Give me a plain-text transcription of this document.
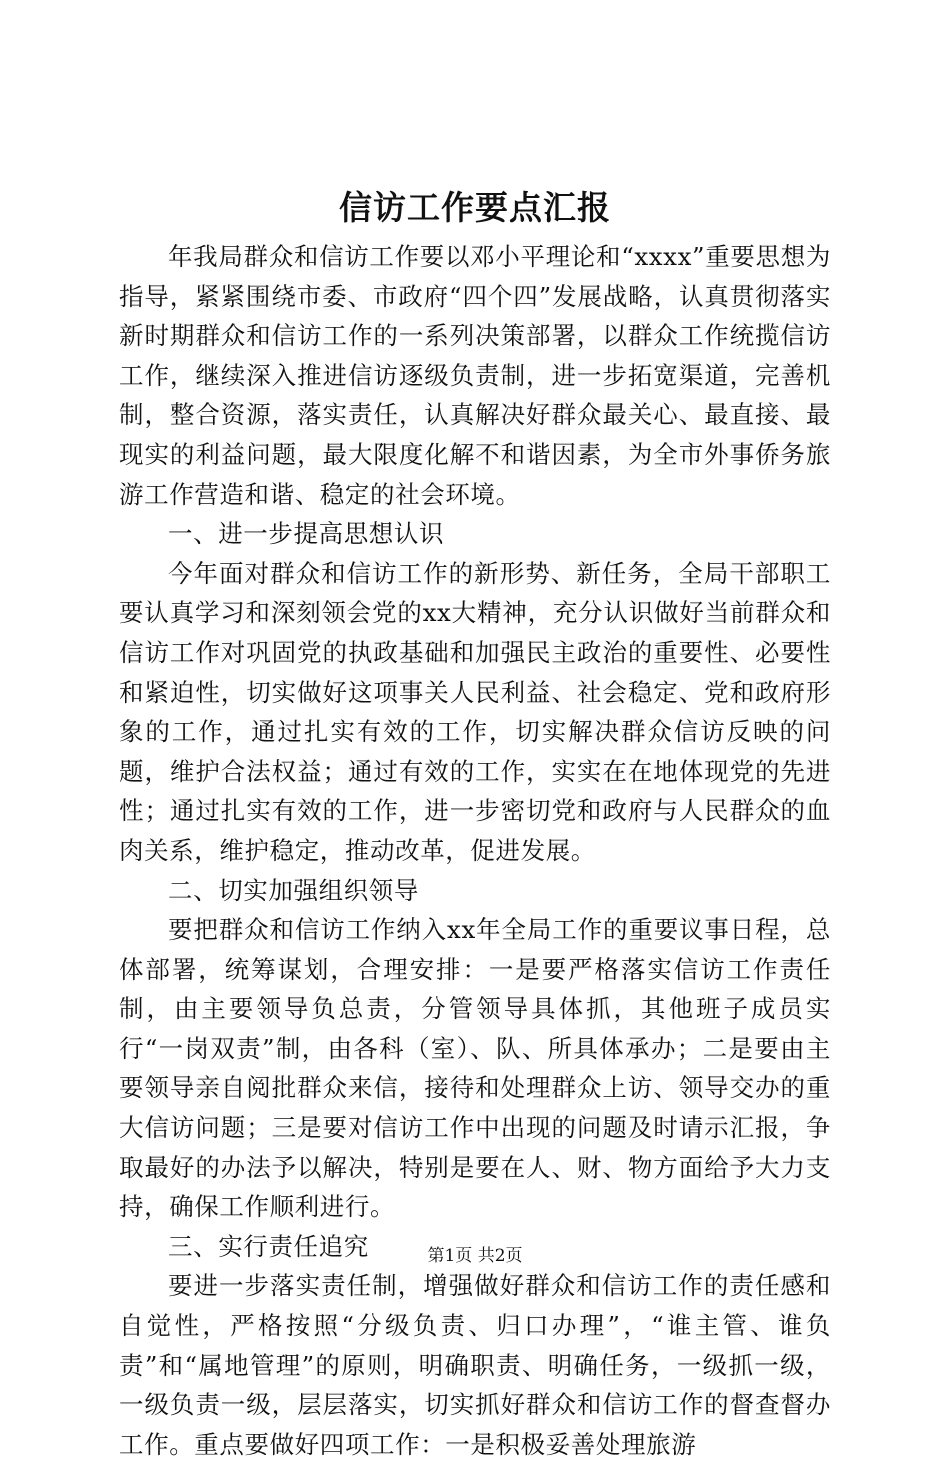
信访工作要点汇报

年我局群众和信访工作要以邓小平理论和“xxxx”重要思想为指导，紧紧围绕市委、市政府“四个四”发展战略，认真贯彻落实新时期群众和信访工作的一系列决策部署，以群众工作统揽信访工作，继续深入推进信访逐级负责制，进一步拓宽渠道，完善机制，整合资源，落实责任，认真解决好群众最关心、最直接、最现实的利益问题，最大限度化解不和谐因素，为全市外事侨务旅游工作营造和谐、稳定的社会环境。

一、进一步提高思想认识

今年面对群众和信访工作的新形势、新任务，全局干部职工要认真学习和深刻领会党的xx大精神，充分认识做好当前群众和信访工作对巩固党的执政基础和加强民主政治的重要性、必要性和紧迫性，切实做好这项事关人民利益、社会稳定、党和政府形象的工作，通过扎实有效的工作，切实解决群众信访反映的问题，维护合法权益；通过有效的工作，实实在在地体现党的先进性；通过扎实有效的工作，进一步密切党和政府与人民群众的血肉关系，维护稳定，推动改革，促进发展。

二、切实加强组织领导

要把群众和信访工作纳入xx年全局工作的重要议事日程，总体部署，统筹谋划，合理安排：一是要严格落实信访工作责任制，由主要领导负总责，分管领导具体抓，其他班子成员实行“一岗双责”制，由各科（室）、队、所具体承办；二是要由主要领导亲自阅批群众来信，接待和处理群众上访、领导交办的重大信访问题；三是要对信访工作中出现的问题及时请示汇报，争取最好的办法予以解决，特别是要在人、财、物方面给予大力支持，确保工作顺利进行。

三、实行责任追究

要进一步落实责任制，增强做好群众和信访工作的责任感和自觉性，严格按照“分级负责、归口办理”，“谁主管、谁负责”和“属地管理”的原则，明确职责、明确任务，一级抓一级，一级负责一级，层层落实，切实抓好群众和信访工作的督查督办工作。重点要做好四项工作：一是积极妥善处理旅游

第1页 共2页
